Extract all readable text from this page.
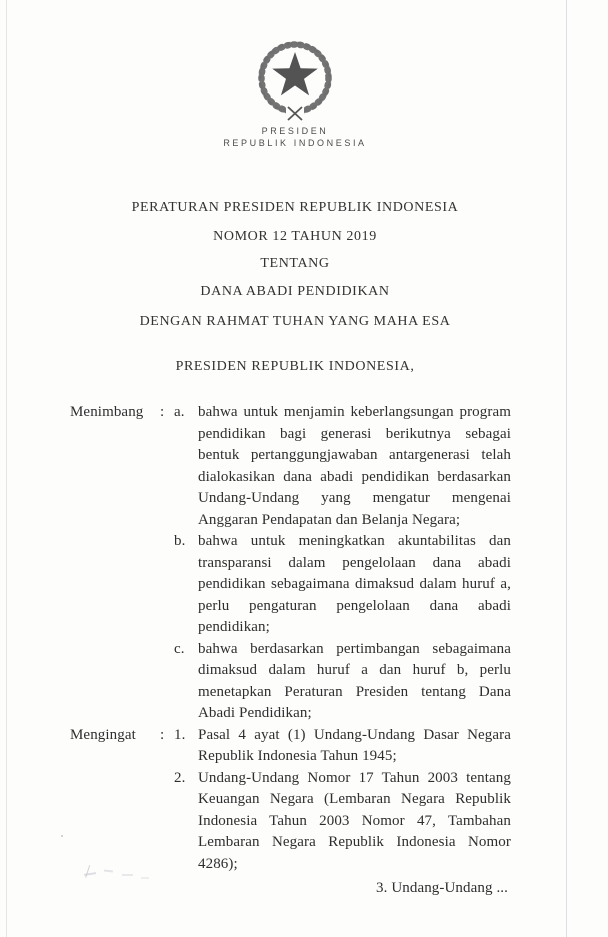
PRESIDEN
REPUBLIK INDONESIA
PERATURAN PRESIDEN REPUBLIK INDONESIA
NOMOR 12 TAHUN 2019
TENTANG
DANA ABADI PENDIDIKAN
DENGAN RAHMAT TUHAN YANG MAHA ESA
PRESIDEN REPUBLIK INDONESIA,
Menimbang	: a. bahwa untuk menjamin keberlangsungan program pendidikan bagi generasi berikutnya sebagai bentuk pertanggungjawaban antargenerasi telah dialokasikan dana abadi pendidikan berdasarkan Undang-Undang yang mengatur mengenai Anggaran Pendapatan dan Belanja Negara;
b. bahwa untuk meningkatkan akuntabilitas dan transparansi dalam pengelolaan dana abadi pendidikan sebagaimana dimaksud dalam huruf a, perlu pengaturan pengelolaan dana abadi pendidikan;
c. bahwa berdasarkan pertimbangan sebagaimana dimaksud dalam huruf a dan huruf b, perlu menetapkan Peraturan Presiden tentang Dana Abadi Pendidikan;
Mengingat	: 1. Pasal 4 ayat (1) Undang-Undang Dasar Negara Republik Indonesia Tahun 1945;
2. Undang-Undang Nomor 17 Tahun 2003 tentang Keuangan Negara (Lembaran Negara Republik Indonesia Tahun 2003 Nomor 47, Tambahan Lembaran Negara Republik Indonesia Nomor 4286);
3. Undang-Undang ...
